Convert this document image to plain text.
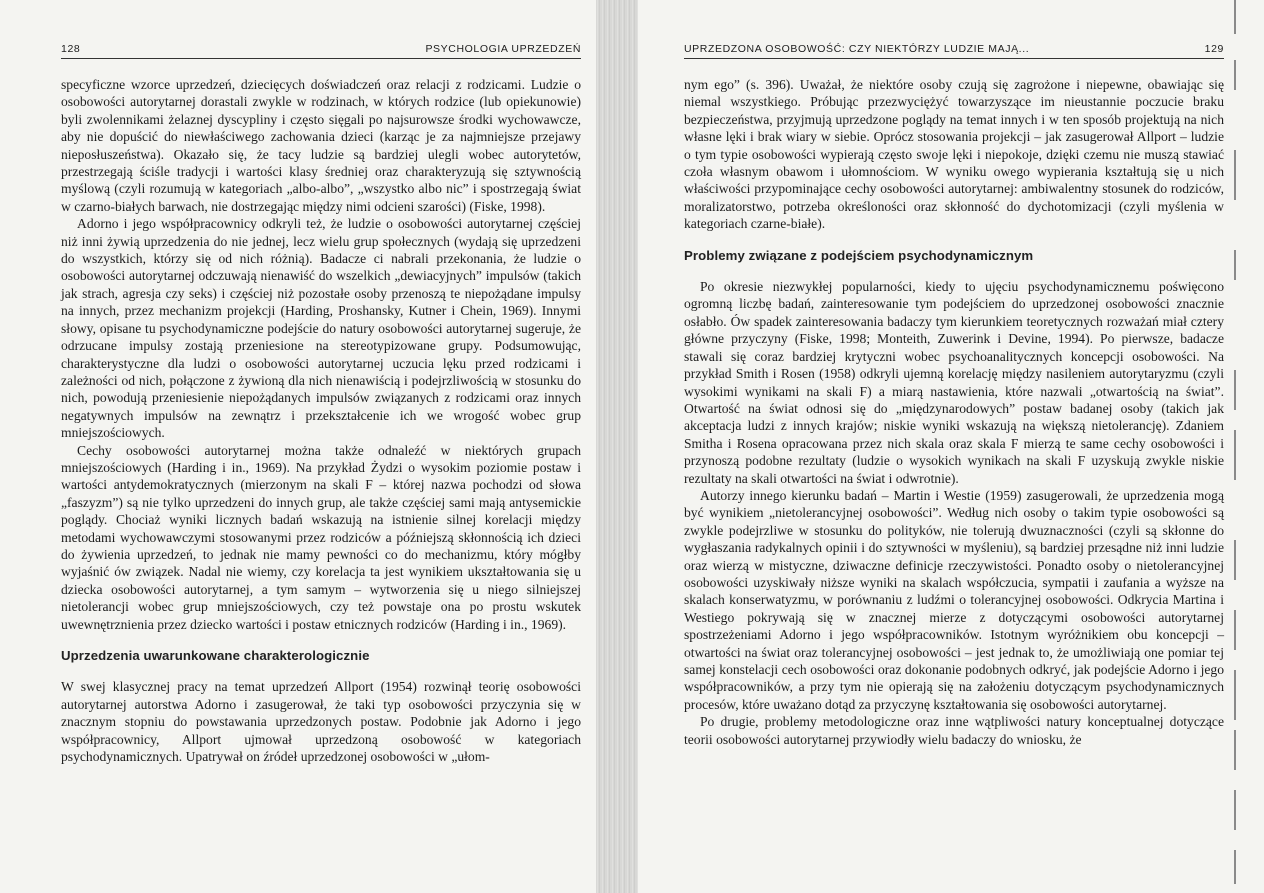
128	PSYCHOLOGIA UPRZEDZEŃ

specyficzne wzorce uprzedzeń, dziecięcych doświadczeń oraz relacji z rodzicami. Ludzie o osobowości autorytarnej dorastali zwykle w rodzinach, w których rodzice (lub opiekunowie) byli zwolennikami żelaznej dyscypliny i często sięgali po najsurowsze środki wychowawcze, aby nie dopuścić do niewłaściwego zachowania dzieci (karząc je za najmniejsze przejawy nieposłuszeństwa). Okazało się, że tacy ludzie są bardziej ulegli wobec autorytetów, przestrzegają ściśle tradycji i wartości klasy średniej oraz charakteryzują się sztywnością myślową (czyli rozumują w kategoriach „albo-albo”, „wszystko albo nic” i spostrzegają świat w czarno-białych barwach, nie dostrzegając między nimi odcieni szarości) (Fiske, 1998).

Adorno i jego współpracownicy odkryli też, że ludzie o osobowości autorytarnej częściej niż inni żywią uprzedzenia do nie jednej, lecz wielu grup społecznych (wydają się uprzedzeni do wszystkich, którzy się od nich różnią). Badacze ci nabrali przekonania, że ludzie o osobowości autorytarnej odczuwają nienawiść do wszelkich „dewiacyjnych” impulsów (takich jak strach, agresja czy seks) i częściej niż pozostałe osoby przenoszą te niepożądane impulsy na innych, przez mechanizm projekcji (Harding, Proshansky, Kutner i Chein, 1969). Innymi słowy, opisane tu psychodynamiczne podejście do natury osobowości autorytarnej sugeruje, że odrzucane impulsy zostają przeniesione na stereotypizowane grupy. Podsumowując, charakterystyczne dla ludzi o osobowości autorytarnej uczucia lęku przed rodzicami i zależności od nich, połączone z żywioną dla nich nienawiścią i podejrzliwością w stosunku do nich, powodują przeniesienie niepożądanych impulsów związanych z rodzicami oraz innych negatywnych impulsów na zewnątrz i przekształcenie ich we wrogość wobec grup mniejszościowych.

Cechy osobowości autorytarnej można także odnaleźć w niektórych grupach mniejszościowych (Harding i in., 1969). Na przykład Żydzi o wysokim poziomie postaw i wartości antydemokratycznych (mierzonym na skali F – której nazwa pochodzi od słowa „faszyzm”) są nie tylko uprzedzeni do innych grup, ale także częściej sami mają antysemickie poglądy. Chociaż wyniki licznych badań wskazują na istnienie silnej korelacji między metodami wychowawczymi stosowanymi przez rodziców a późniejszą skłonnością ich dzieci do żywienia uprzedzeń, to jednak nie mamy pewności co do mechanizmu, który mógłby wyjaśnić ów związek. Nadal nie wiemy, czy korelacja ta jest wynikiem ukształtowania się u dziecka osobowości autorytarnej, a tym samym – wytworzenia się u niego silniejszej nietolerancji wobec grup mniejszościowych, czy też powstaje ona po prostu wskutek uwewnętrznienia przez dziecko wartości i postaw etnicznych rodziców (Harding i in., 1969).

Uprzedzenia uwarunkowane charakterologicznie

W swej klasycznej pracy na temat uprzedzeń Allport (1954) rozwinął teorię osobowości autorytarnej autorstwa Adorno i zasugerował, że taki typ osobowości przyczynia się w znacznym stopniu do powstawania uprzedzonych postaw. Podobnie jak Adorno i jego współpracownicy, Allport ujmował uprzedzoną osobowość w kategoriach psychodynamicznych. Upatrywał on źródeł uprzedzonej osobowości w „ułom-

UPRZEDZONA OSOBOWOŚĆ: CZY NIEKTÓRZY LUDZIE MAJĄ...	129

nym ego” (s. 396). Uważał, że niektóre osoby czują się zagrożone i niepewne, obawiając się niemal wszystkiego. Próbując przezwyciężyć towarzyszące im nieustannie poczucie braku bezpieczeństwa, przyjmują uprzedzone poglądy na temat innych i w ten sposób projektują na nich własne lęki i brak wiary w siebie. Oprócz stosowania projekcji – jak zasugerował Allport – ludzie o tym typie osobowości wypierają często swoje lęki i niepokoje, dzięki czemu nie muszą stawiać czoła własnym obawom i ułomnościom. W wyniku owego wypierania kształtują się u nich właściwości przypominające cechy osobowości autorytarnej: ambiwalentny stosunek do rodziców, moralizatorstwo, potrzeba określoności oraz skłonność do dychotomizacji (czyli myślenia w kategoriach czarne-białe).

Problemy związane z podejściem psychodynamicznym

Po okresie niezwykłej popularności, kiedy to ujęciu psychodynamicznemu poświęcono ogromną liczbę badań, zainteresowanie tym podejściem do uprzedzonej osobowości znacznie osłabło. Ów spadek zainteresowania badaczy tym kierunkiem teoretycznych rozważań miał cztery główne przyczyny (Fiske, 1998; Monteith, Zuwerink i Devine, 1994). Po pierwsze, badacze stawali się coraz bardziej krytyczni wobec psychoanalitycznych koncepcji osobowości. Na przykład Smith i Rosen (1958) odkryli ujemną korelację między nasileniem autorytaryzmu (czyli wysokimi wynikami na skali F) a miarą nastawienia, które nazwali „otwartością na świat”. Otwartość na świat odnosi się do „międzynarodowych” postaw badanej osoby (takich jak akceptacja ludzi z innych krajów; niskie wyniki wskazują na większą nietolerancję). Zdaniem Smitha i Rosena opracowana przez nich skala oraz skala F mierzą te same cechy osobowości i przynoszą podobne rezultaty (ludzie o wysokich wynikach na skali F uzyskują zwykle niskie rezultaty na skali otwartości na świat i odwrotnie).

Autorzy innego kierunku badań – Martin i Westie (1959) zasugerowali, że uprzedzenia mogą być wynikiem „nietolerancyjnej osobowości”. Według nich osoby o takim typie osobowości są zwykle podejrzliwe w stosunku do polityków, nie tolerują dwuznaczności (czyli są skłonne do wygłaszania radykalnych opinii i do sztywności w myśleniu), są bardziej przesądne niż inni ludzie oraz wierzą w mistyczne, dziwaczne definicje rzeczywistości. Ponadto osoby o nietolerancyjnej osobowości uzyskiwały niższe wyniki na skalach współczucia, sympatii i zaufania a wyższe na skalach konserwatyzmu, w porównaniu z ludźmi o tolerancyjnej osobowości. Odkrycia Martina i Westiego pokrywają się w znacznej mierze z dotyczącymi osobowości autorytarnej spostrzeżeniami Adorno i jego współpracowników. Istotnym wyróżnikiem obu koncepcji – otwartości na świat oraz tolerancyjnej osobowości – jest jednak to, że umożliwiają one pomiar tej samej konstelacji cech osobowości oraz dokonanie podobnych odkryć, jak podejście Adorno i jego współpracowników, a przy tym nie opierają się na założeniu dotyczącym psychodynamicznych procesów, które uważano dotąd za przyczynę kształtowania się osobowości autorytarnej.

Po drugie, problemy metodologiczne oraz inne wątpliwości natury konceptualnej dotyczące teorii osobowości autorytarnej przywiodły wielu badaczy do wniosku, że
